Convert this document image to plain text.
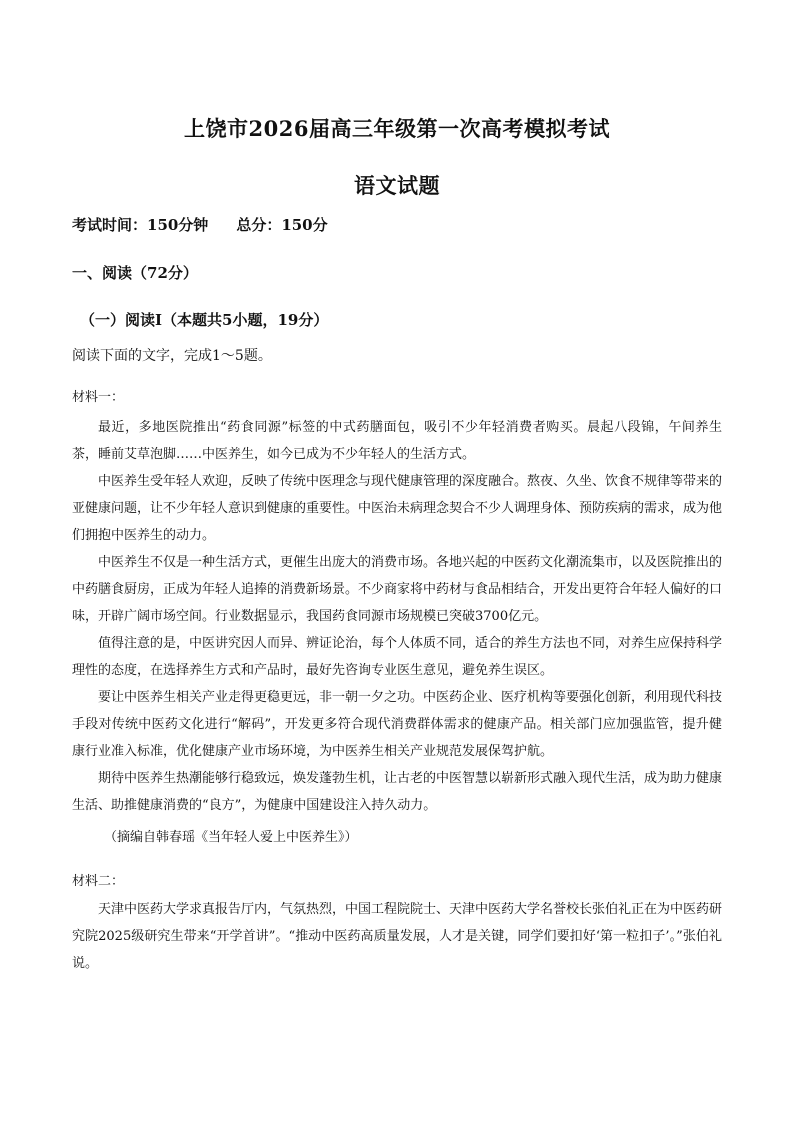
上饶市2026届高三年级第一次高考模拟考试
语文试题
考试时间：150分钟 总分：150分
一、阅读（72分）
（一）阅读Ⅰ（本题共5小题，19分）
阅读下面的文字，完成1～5题。
材料一：

最近，多地医院推出“药食同源”标签的中式药膳面包，吸引不少年轻消费者购买。晨起八段锦，午间养生茶，睡前艾草泡脚……中医养生，如今已成为不少年轻人的生活方式。

中医养生受年轻人欢迎，反映了传统中医理念与现代健康管理的深度融合。熬夜、久坐、饮食不规律等带来的亚健康问题，让不少年轻人意识到健康的重要性。中医治未病理念契合不少人调理身体、预防疾病的需求，成为他们拥抱中医养生的动力。

中医养生不仅是一种生活方式，更催生出庞大的消费市场。各地兴起的中医药文化潮流集市，以及医院推出的中药膳食厨房，正成为年轻人追捧的消费新场景。不少商家将中药材与食品相结合，开发出更符合年轻人偏好的口味，开辟广阔市场空间。行业数据显示，我国药食同源市场规模已突破3700亿元。

值得注意的是，中医讲究因人而异、辨证论治，每个人体质不同，适合的养生方法也不同，对养生应保持科学理性的态度，在选择养生方式和产品时，最好先咨询专业医生意见，避免养生误区。

要让中医养生相关产业走得更稳更远，非一朝一夕之功。中医药企业、医疗机构等要强化创新，利用现代科技手段对传统中医药文化进行“解码”，开发更多符合现代消费群体需求的健康产品。相关部门应加强监管，提升健康行业准入标准，优化健康产业市场环境，为中医养生相关产业规范发展保驾护航。

期待中医养生热潮能够行稳致远，焕发蓬勃生机，让古老的中医智慧以崭新形式融入现代生活，成为助力健康生活、助推健康消费的“良方”，为健康中国建设注入持久动力。

（摘编自韩春瑶《当年轻人爱上中医养生》）
材料二：

天津中医药大学求真报告厅内，气氛热烈，中国工程院院士、天津中医药大学名誉校长张伯礼正在为中医药研究院2025级研究生带来“开学首讲”。“推动中医药高质量发展，人才是关键，同学们要扣好‘第一粒扣子’。”张伯礼说。
